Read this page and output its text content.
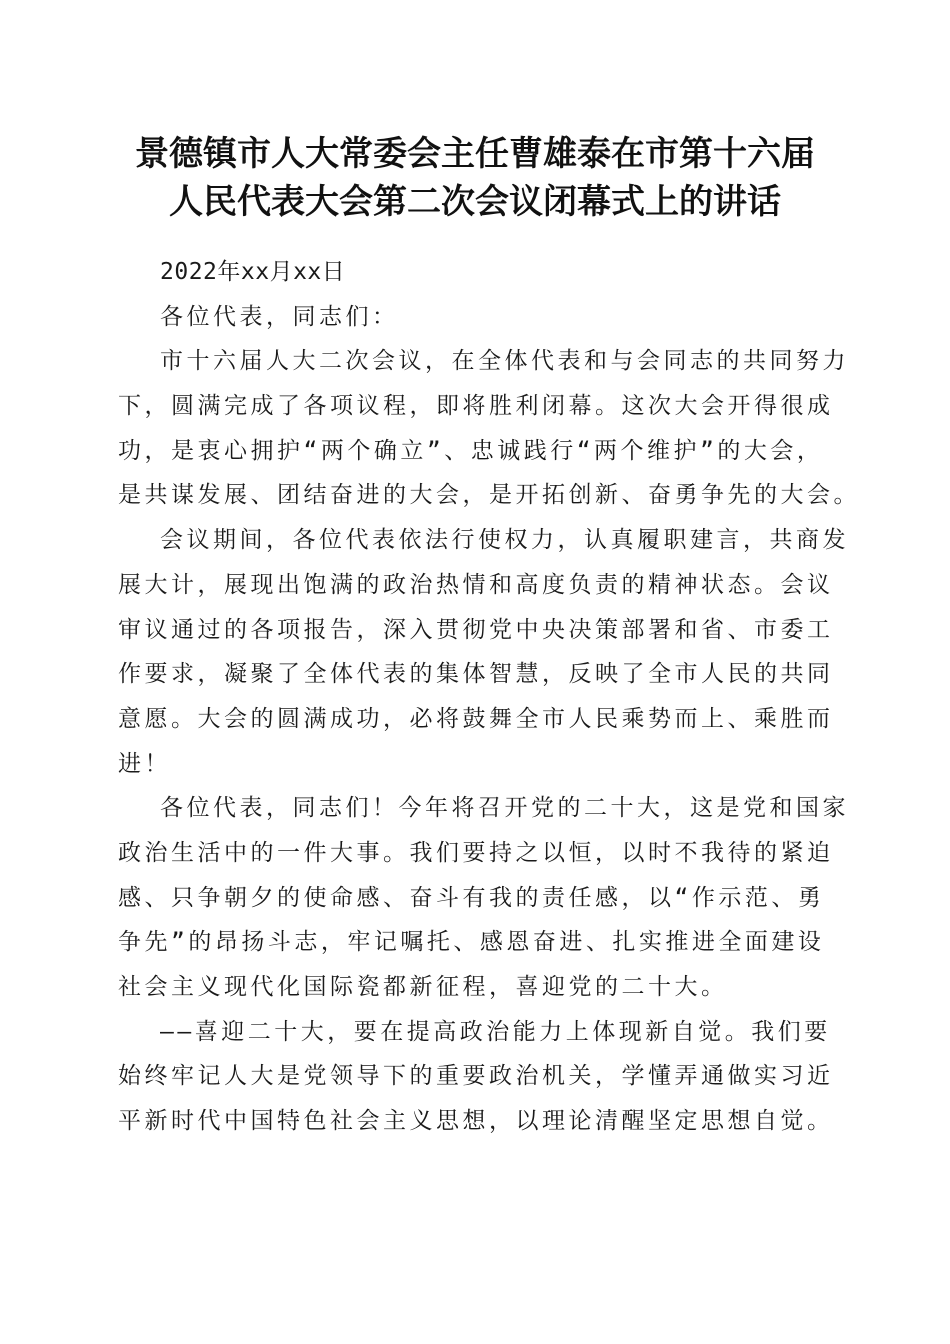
景德镇市人大常委会主任曹雄泰在市第十六届
人民代表大会第二次会议闭幕式上的讲话
2022年xx月xx日
各位代表，同志们：
市十六届人大二次会议，在全体代表和与会同志的共同努力
下，圆满完成了各项议程，即将胜利闭幕。这次大会开得很成
功，是衷心拥护“两个确立”、忠诚践行“两个维护”的大会，
是共谋发展、团结奋进的大会，是开拓创新、奋勇争先的大会。
会议期间，各位代表依法行使权力，认真履职建言，共商发
展大计，展现出饱满的政治热情和高度负责的精神状态。会议
审议通过的各项报告，深入贯彻党中央决策部署和省、市委工
作要求，凝聚了全体代表的集体智慧，反映了全市人民的共同
意愿。大会的圆满成功，必将鼓舞全市人民乘势而上、乘胜而
进！
各位代表，同志们！今年将召开党的二十大，这是党和国家
政治生活中的一件大事。我们要持之以恒，以时不我待的紧迫
感、只争朝夕的使命感、奋斗有我的责任感，以“作示范、勇
争先”的昂扬斗志，牢记嘱托、感恩奋进、扎实推进全面建设
社会主义现代化国际瓷都新征程，喜迎党的二十大。
——喜迎二十大，要在提高政治能力上体现新自觉。我们要
始终牢记人大是党领导下的重要政治机关，学懂弄通做实习近
平新时代中国特色社会主义思想，以理论清醒坚定思想自觉。
